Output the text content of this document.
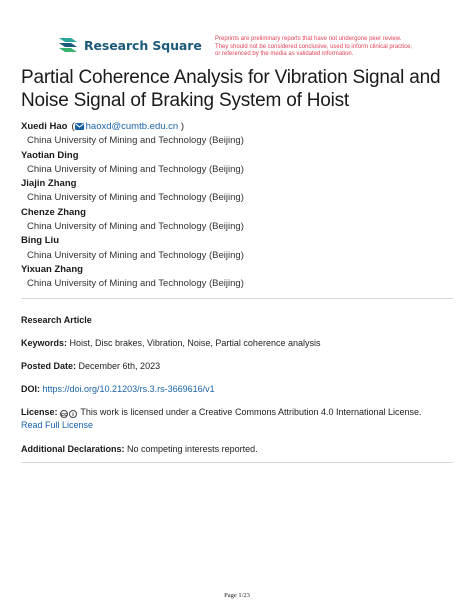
Research Square Preprints are preliminary reports that have not undergone peer review.
They should not be considered conclusive, used to inform clinical practice,
or referenced by the media as validated information.
Partial Coherence Analysis for Vibration Signal and
Noise Signal of Braking System of Hoist
Xuedi Hao ( haoxd@cumtb.edu.cn )
China University of Mining and Technology (Beijing)
Yaotian Ding
China University of Mining and Technology (Beijing)
Jiajin Zhang
China University of Mining and Technology (Beijing)
Chenze Zhang
China University of Mining and Technology (Beijing)
Bing Liu
China University of Mining and Technology (Beijing)
Yixuan Zhang
China University of Mining and Technology (Beijing)
Research Article
Keywords: Hoist, Disc brakes, Vibration, Noise, Partial coherence analysis
Posted Date: December 6th, 2023
DOI: https://doi.org/10.21203/rs.3.rs-3669616/v1
License: cc i This work is licensed under a Creative Commons Attribution 4.0 International License.
Read Full License
Additional Declarations: No competing interests reported.
Page 1/23
